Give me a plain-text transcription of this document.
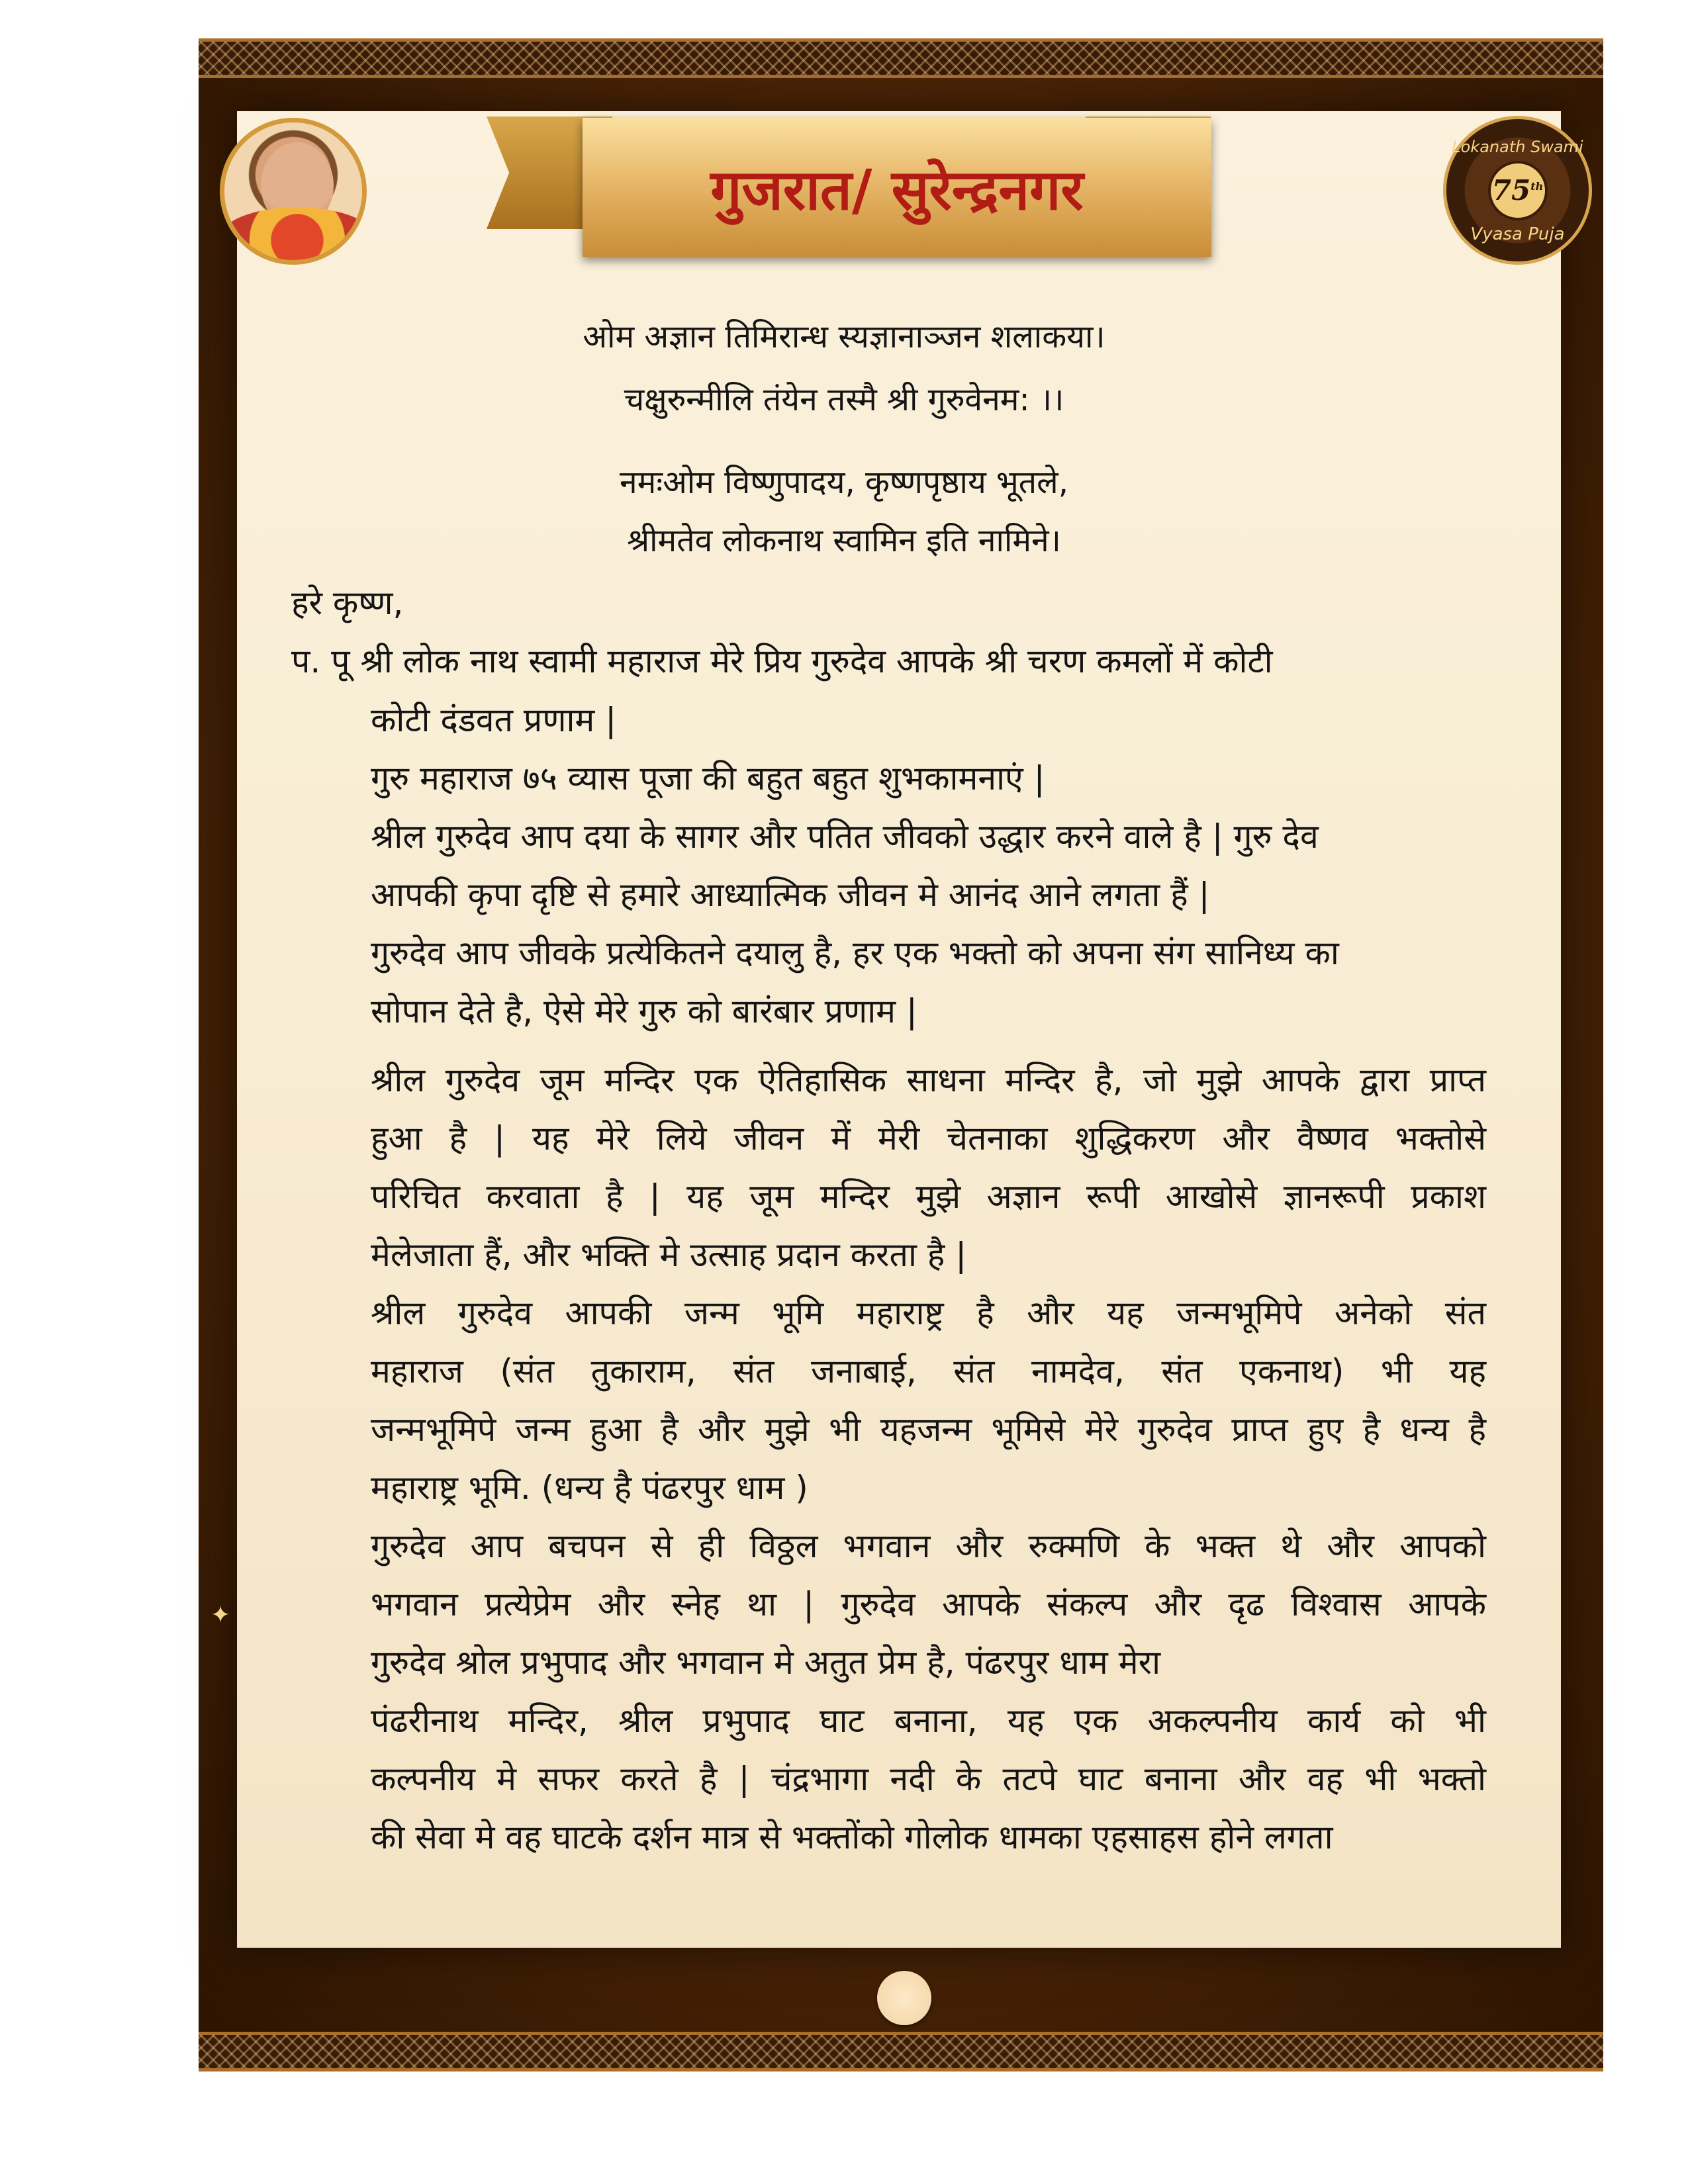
गुजरात/ सुरेन्द्रनगर
Lokanath Swami
75th
Vyasa Puja
✦
ओम अज्ञान तिमिरान्ध स्यज्ञानाञ्जन शलाकया।
चक्षुरुन्मीलि तंयेन तस्मै श्री गुरुवेनम: ।।
नमःओम विष्णुपादय, कृष्णपृष्ठाय भूतले,
श्रीमतेव लोकनाथ स्वामिन इति नामिने।
हरे कृष्ण,
प. पू श्री लोक नाथ स्वामी महाराज मेरे प्रिय गुरुदेव आपके श्री चरण कमलों में कोटी
कोटी दंडवत प्रणाम |
गुरु महाराज ७५ व्यास पूजा की बहुत बहुत शुभकामनाएं |
श्रील गुरुदेव आप दया के सागर और पतित जीवको उद्धार करने वाले है | गुरु देव
आपकी कृपा दृष्टि से हमारे आध्यात्मिक जीवन मे आनंद आने लगता हैं |
गुरुदेव आप जीवके प्रत्येकितने दयालु है, हर एक भक्तो को अपना संग सानिध्य का
सोपान देते है, ऐसे मेरे गुरु को बारंबार प्रणाम |
श्रील गुरुदेव जूम मन्दिर एक ऐतिहासिक साधना मन्दिर है, जो मुझे आपके द्वारा प्राप्त
हुआ है | यह मेरे लिये जीवन में मेरी चेतनाका शुद्धिकरण और वैष्णव भक्तोसे
परिचित करवाता है | यह जूम मन्दिर मुझे अज्ञान रूपी आखोसे ज्ञानरूपी प्रकाश
मेलेजाता हैं, और भक्ति मे उत्साह प्रदान करता है |
श्रील गुरुदेव आपकी जन्म भूमि महाराष्ट्र है और यह जन्मभूमिपे अनेको संत
महाराज (संत तुकाराम, संत जनाबाई, संत नामदेव, संत एकनाथ) भी यह
जन्मभूमिपे जन्म हुआ है और मुझे भी यहजन्म भूमिसे मेरे गुरुदेव प्राप्त हुए है धन्य है
महाराष्ट्र भूमि. (धन्य है पंढरपुर धाम )
गुरुदेव आप बचपन से ही विठ्ठल भगवान और रुक्मणि के भक्त थे और आपको
भगवान प्रत्येप्रेम और स्नेह था | गुरुदेव आपके संकल्प और दृढ विश्वास आपके
गुरुदेव श्रोल प्रभुपाद और भगवान मे अतुत प्रेम है, पंढरपुर धाम मेरा
पंढरीनाथ मन्दिर, श्रील प्रभुपाद घाट बनाना, यह एक अकल्पनीय कार्य को भी
कल्पनीय मे सफर करते है | चंद्रभागा नदी के तटपे घाट बनाना और वह भी भक्तो
की सेवा मे वह घाटके दर्शन मात्र से भक्तोंको गोलोक धामका एहसाहस होने लगता
